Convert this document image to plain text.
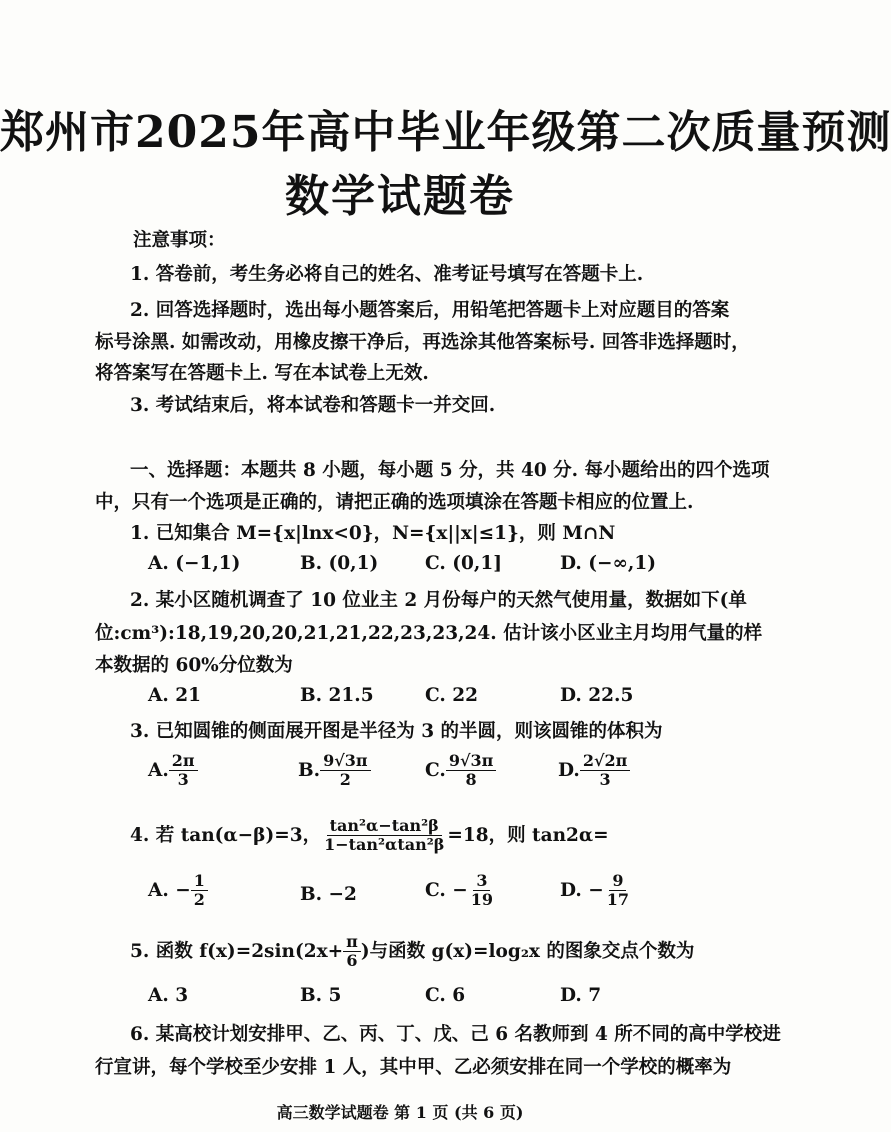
郑州市2025年高中毕业年级第二次质量预测
数学试题卷
注意事项：
1. 答卷前，考生务必将自己的姓名、准考证号填写在答题卡上.
2. 回答选择题时，选出每小题答案后，用铅笔把答题卡上对应题目的答案
标号涂黑. 如需改动，用橡皮擦干净后，再选涂其他答案标号. 回答非选择题时，
将答案写在答题卡上. 写在本试卷上无效.
3. 考试结束后，将本试卷和答题卡一并交回.
一、选择题：本题共 8 小题，每小题 5 分，共 40 分. 每小题给出的四个选项
中，只有一个选项是正确的，请把正确的选项填涂在答题卡相应的位置上.
1. 已知集合 M={x|lnx<0}，N={x||x|≤1}，则 M∩N
A. (−1,1)	B. (0,1)	C. (0,1]	D. (−∞,1)
2. 某小区随机调查了 10 位业主 2 月份每户的天然气使用量，数据如下(单
位:cm³):18,19,20,20,21,21,22,23,23,24. 估计该小区业主月均用气量的样
本数据的 60%分位数为
A. 21	B. 21.5	C. 22	D. 22.5
3. 已知圆锥的侧面展开图是半径为 3 的半圆，则该圆锥的体积为
A. $\frac{2\pi}{3}$	B. $\frac{9√3\pi}{2}$	C. $\frac{9√3\pi}{8}$	D. $\frac{2√2\pi}{3}$
4. 若 tan(α−β)=3， $\frac{\text{tan²α−tan²β}}{\text{1−tan²αtan²β}} =18$，则 tan2α=
A. − $\frac{1}{2}$	B. −2	C. − $\frac{3}{19}$	D. − $\frac{9}{17}$
5. 函数 $f(x)=2\sin(2x+ \frac{\pi}{6}$ )与函数 g(x)=log₂x 的图象交点个数为
A. 3	B. 5	C. 6	D. 7
6. 某高校计划安排甲、乙、丙、丁、戊、己 6 名教师到 4 所不同的高中学校进
行宣讲，每个学校至少安排 1 人，其中甲、乙必须安排在同一个学校的概率为
高三数学试题卷 第 1 页 (共 6 页)
